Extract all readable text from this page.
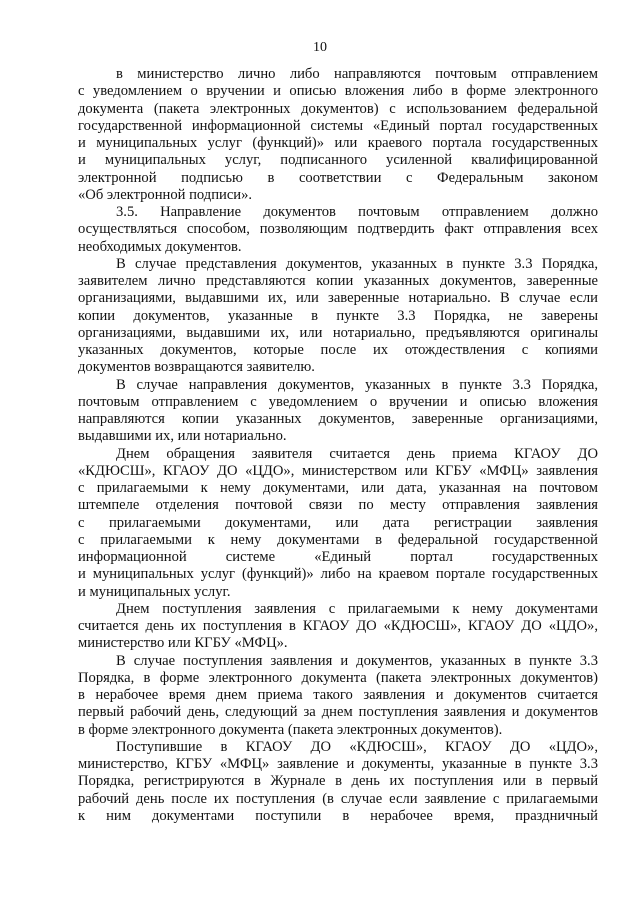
10
в министерство лично либо направляются почтовым отправлением
с уведомлением о вручении и описью вложения либо в форме электронного
документа (пакета электронных документов) с использованием федеральной
государственной информационной системы «Единый портал государственных
и муниципальных услуг (функций)» или краевого портала государственных
и муниципальных услуг, подписанного усиленной квалифицированной
электронной подписью в соответствии с Федеральным законом
«Об электронной подписи».
3.5. Направление документов почтовым отправлением должно
осуществляться способом, позволяющим подтвердить факт отправления всех
необходимых документов.
В случае представления документов, указанных в пункте 3.3 Порядка,
заявителем лично представляются копии указанных документов, заверенные
организациями, выдавшими их, или заверенные нотариально. В случае если
копии документов, указанные в пункте 3.3 Порядка, не заверены
организациями, выдавшими их, или нотариально, предъявляются оригиналы
указанных документов, которые после их отождествления с копиями
документов возвращаются заявителю.
В случае направления документов, указанных в пункте 3.3 Порядка,
почтовым отправлением с уведомлением о вручении и описью вложения
направляются копии указанных документов, заверенные организациями,
выдавшими их, или нотариально.
Днем обращения заявителя считается день приема КГАОУ ДО
«КДЮСШ», КГАОУ ДО «ЦДО», министерством или КГБУ «МФЦ» заявления
с прилагаемыми к нему документами, или дата, указанная на почтовом
штемпеле отделения почтовой связи по месту отправления заявления
с прилагаемыми документами, или дата регистрации заявления
с прилагаемыми к нему документами в федеральной государственной
информационной системе «Единый портал государственных
и муниципальных услуг (функций)» либо на краевом портале государственных
и муниципальных услуг.
Днем поступления заявления с прилагаемыми к нему документами
считается день их поступления в КГАОУ ДО «КДЮСШ», КГАОУ ДО «ЦДО»,
министерство или КГБУ «МФЦ».
В случае поступления заявления и документов, указанных в пункте 3.3
Порядка, в форме электронного документа (пакета электронных документов)
в нерабочее время днем приема такого заявления и документов считается
первый рабочий день, следующий за днем поступления заявления и документов
в форме электронного документа (пакета электронных документов).
Поступившие в КГАОУ ДО «КДЮСШ», КГАОУ ДО «ЦДО»,
министерство, КГБУ «МФЦ» заявление и документы, указанные в пункте 3.3
Порядка, регистрируются в Журнале в день их поступления или в первый
рабочий день после их поступления (в случае если заявление с прилагаемыми
к ним документами поступили в нерабочее время, праздничный
